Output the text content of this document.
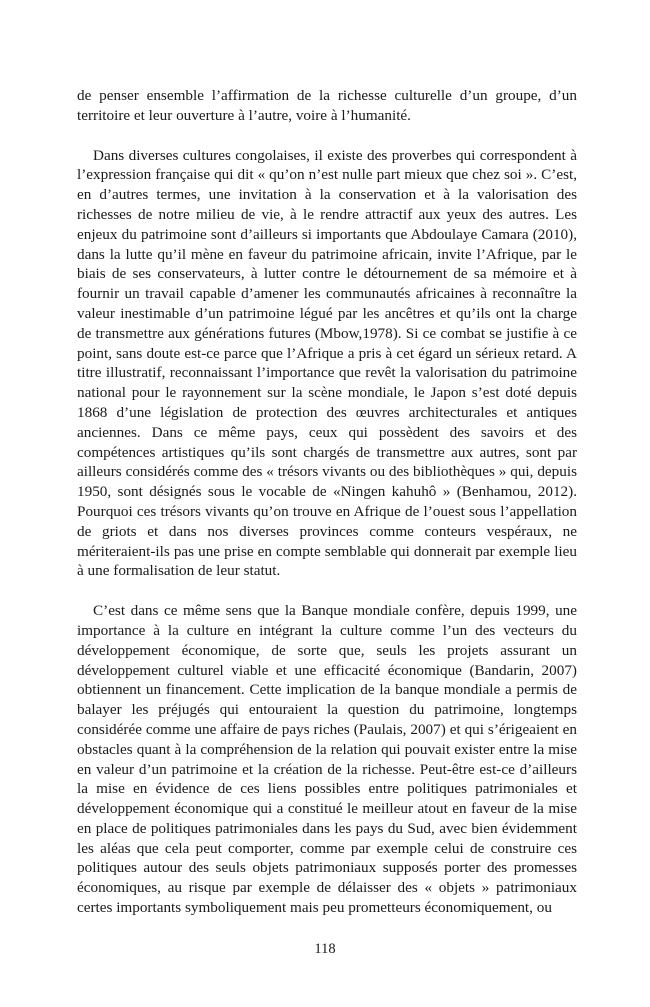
de penser ensemble l’affirmation de la richesse culturelle d’un groupe, d’un territoire et leur ouverture à l’autre, voire à l’humanité.

Dans diverses cultures congolaises, il existe des proverbes qui correspondent à l’expression française qui dit « qu’on n’est nulle part mieux que chez soi ». C’est, en d’autres termes, une invitation à la conservation et à la valorisation des richesses de notre milieu de vie, à le rendre attractif aux yeux des autres. Les enjeux du patrimoine sont d’ailleurs si importants que Abdoulaye Camara (2010), dans la lutte qu’il mène en faveur du patrimoine africain, invite l’Afrique, par le biais de ses conservateurs, à lutter contre le détournement de sa mémoire et à fournir un travail capable d’amener les communautés africaines à reconnaître la valeur inestimable d’un patrimoine légué par les ancêtres et qu’ils ont la charge de transmettre aux générations futures (Mbow,1978). Si ce combat se justifie à ce point, sans doute est-ce parce que l’Afrique a pris à cet égard un sérieux retard. A titre illustratif, reconnaissant l’importance que revêt la valorisation du patrimoine national pour le rayonnement sur la scène mondiale, le Japon s’est doté depuis 1868 d’une législation de protection des œuvres architecturales et antiques anciennes. Dans ce même pays, ceux qui possèdent des savoirs et des compétences artistiques qu’ils sont chargés de transmettre aux autres, sont par ailleurs considérés comme des « trésors vivants ou des bibliothèques » qui, depuis 1950, sont désignés sous le vocable de «Ningen kahuhô » (Benhamou, 2012). Pourquoi ces trésors vivants qu’on trouve en Afrique de l’ouest sous l’appellation de griots et dans nos diverses provinces comme conteurs vespéraux, ne mériteraient-ils pas une prise en compte semblable qui donnerait par exemple lieu à une formalisation de leur statut.

C’est dans ce même sens que la Banque mondiale confère, depuis 1999, une importance à la culture en intégrant la culture comme l’un des vecteurs du développement économique, de sorte que, seuls les projets assurant un développement culturel viable et une efficacité économique (Bandarin, 2007) obtiennent un financement. Cette implication de la banque mondiale a permis de balayer les préjugés qui entouraient la question du patrimoine, longtemps considérée comme une affaire de pays riches (Paulais, 2007) et qui s’érigeaient en obstacles quant à la compréhension de la relation qui pouvait exister entre la mise en valeur d’un patrimoine et la création de la richesse. Peut-être est-ce d’ailleurs la mise en évidence de ces liens possibles entre politiques patrimoniales et développement économique qui a constitué le meilleur atout en faveur de la mise en place de politiques patrimoniales dans les pays du Sud, avec bien évidemment les aléas que cela peut comporter, comme par exemple celui de construire ces politiques autour des seuls objets patrimoniaux supposés porter des promesses économiques, au risque par exemple de délaisser des « objets » patrimoniaux certes importants symboliquement mais peu prometteurs économiquement, ou

118
